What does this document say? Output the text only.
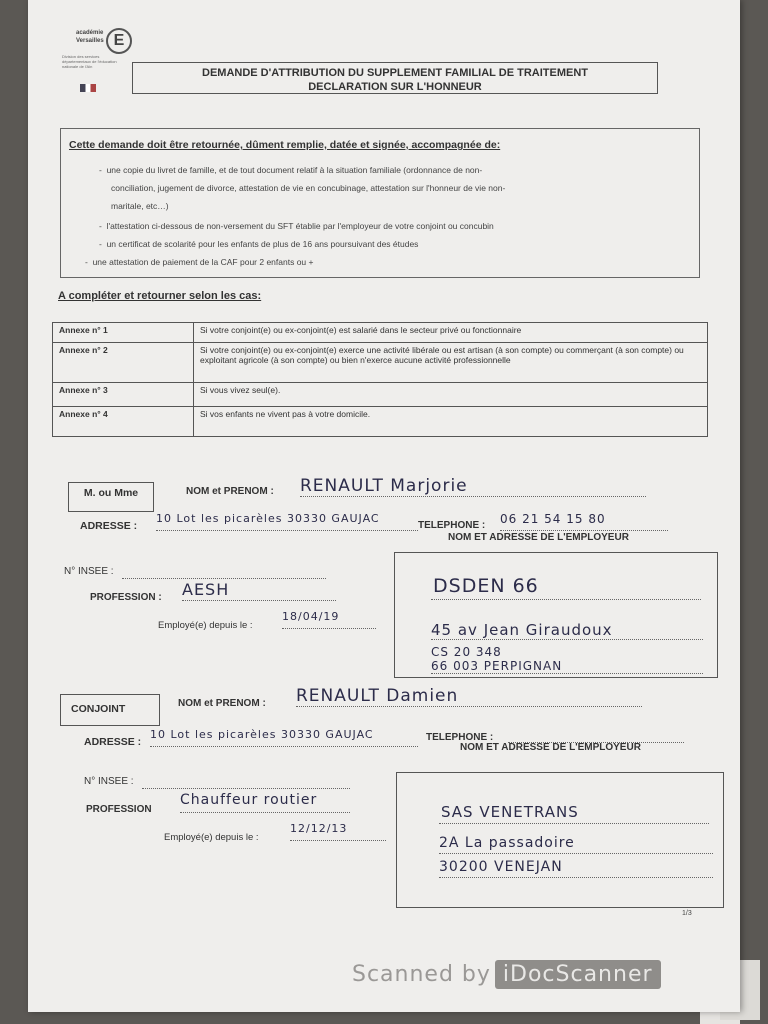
académie
Versailles E
Division des services départementaux de l'éducation nationale de l'Ain
DEMANDE D'ATTRIBUTION DU SUPPLEMENT FAMILIAL DE TRAITEMENT
DECLARATION SUR L'HONNEUR
Cette demande doit être retournée, dûment remplie, datée et signée, accompagnée de:
-  une copie du livret de famille, et de tout document relatif à la situation familiale (ordonnance de non-
conciliation, jugement de divorce, attestation de vie en concubinage, attestation sur l'honneur de vie non-
maritale, etc…)
-  l'attestation ci-dessous de non-versement du SFT établie par l'employeur de votre conjoint ou concubin
-  un certificat de scolarité pour les enfants de plus de 16 ans poursuivant des études
-  une attestation de paiement de la CAF pour 2 enfants ou +
A compléter et retourner selon les cas:
Annexe n° 1	Si votre conjoint(e) ou ex-conjoint(e) est salarié dans le secteur privé ou fonctionnaire
Annexe n° 2	Si votre conjoint(e) ou ex-conjoint(e) exerce une activité libérale ou est artisan (à son compte) ou commerçant (à son compte) ou exploitant agricole (à son compte) ou bien n'exerce aucune activité professionnelle
Annexe n° 3	Si vous vivez seul(e).
Annexe n° 4	Si vos enfants ne vivent pas à votre domicile.
M. ou Mme	NOM et PRENOM : RENAULT Marjorie
ADRESSE :
10 Lot les picarèles 30330 GAUJAC
TELEPHONE : 06 21 54 15 80
NOM ET ADRESSE DE L'EMPLOYEUR
N° INSEE :
PROFESSION : AESH
Employé(e) depuis le :
18/04/19
DSDEN 66
45 av Jean Giraudoux
CS 20 348
66 003 PERPIGNAN
CONJOINT	NOM et PRENOM : RENAULT Damien
ADRESSE :
10 Lot les picarèles 30330 GAUJAC	TELEPHONE :
NOM ET ADRESSE DE L'EMPLOYEUR
N° INSEE :
PROFESSION
Chauffeur routier
Employé(e) depuis le :
12/12/13
SAS VENETRANS
2A La passadoire
30200 VENEJAN
1/3
Scanned by iDocScanner
